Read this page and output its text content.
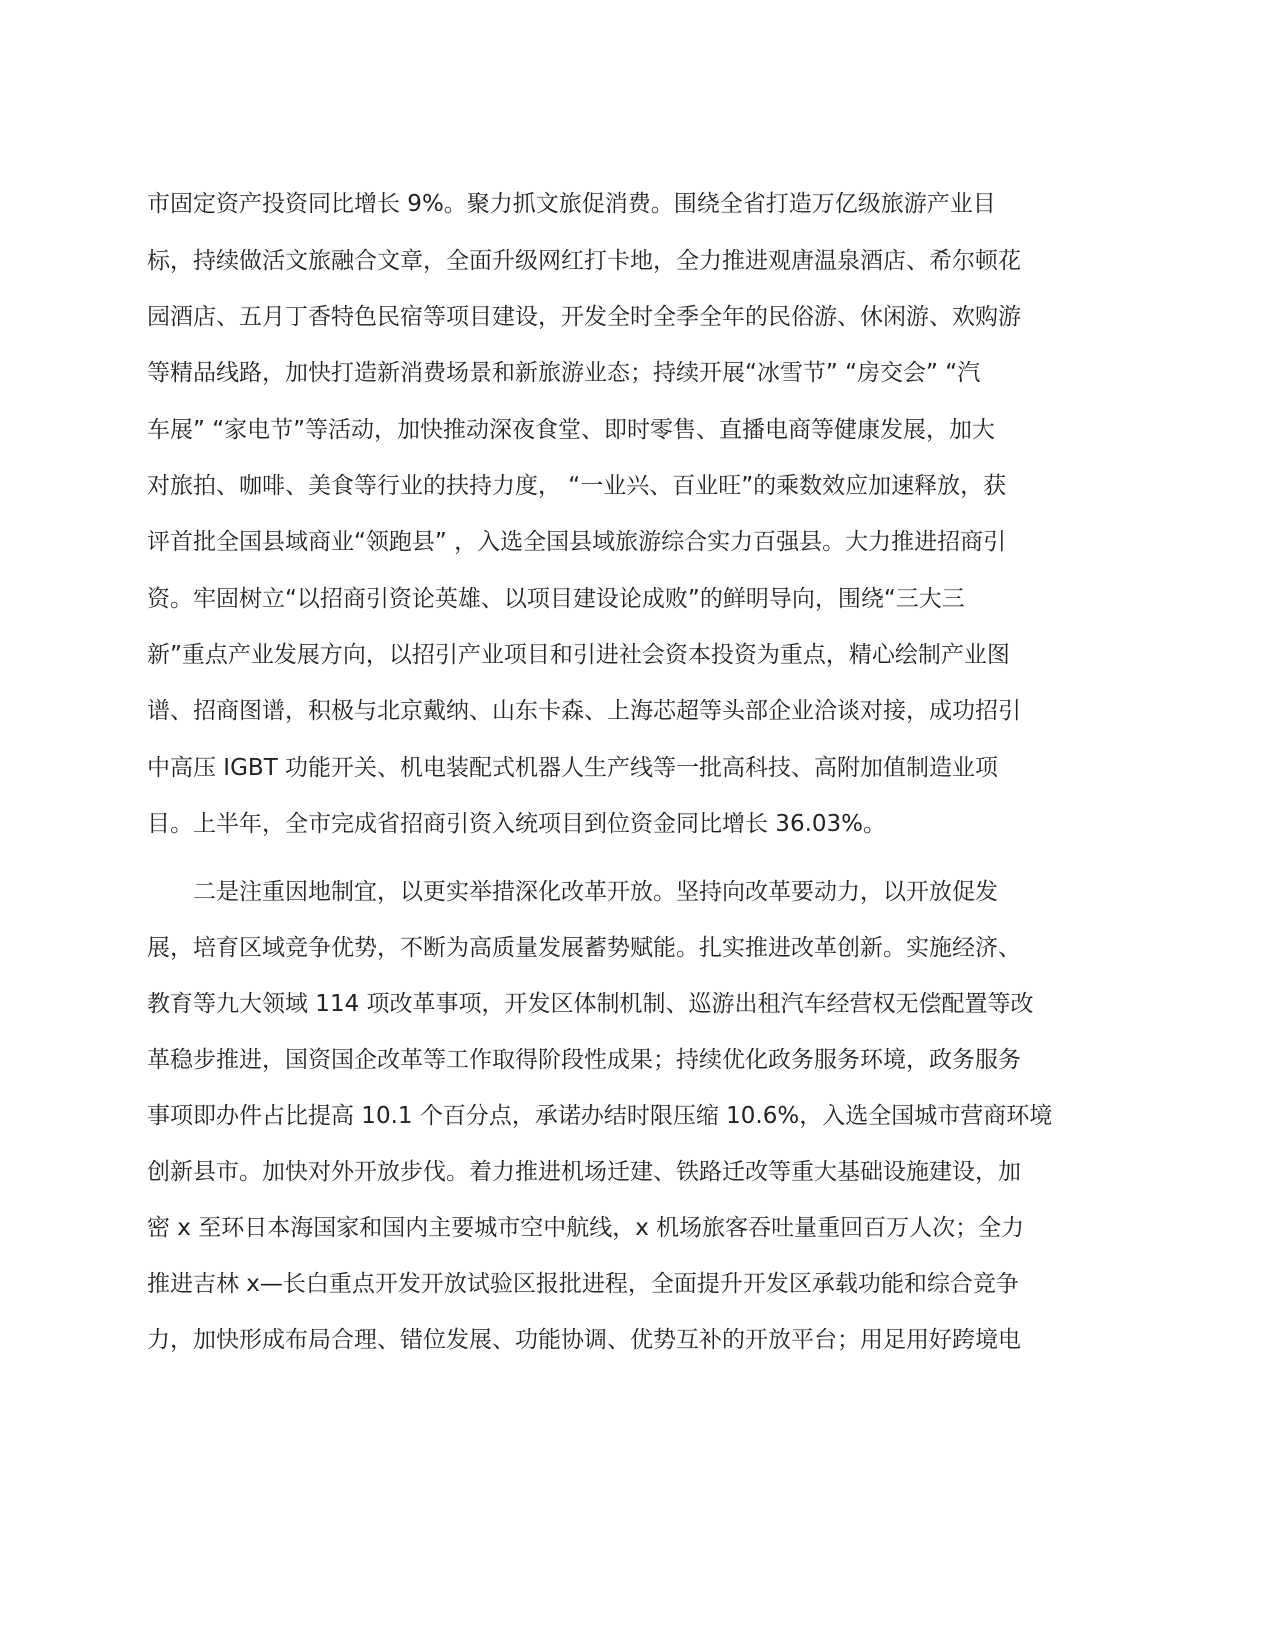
市固定资产投资同比增长 9%。聚力抓文旅促消费。围绕全省打造万亿级旅游产业目
标，持续做活文旅融合文章，全面升级网红打卡地，全力推进观唐温泉酒店、希尔顿花
园酒店、五月丁香特色民宿等项目建设，开发全时全季全年的民俗游、休闲游、欢购游
等精品线路，加快打造新消费场景和新旅游业态；持续开展“冰雪节” “房交会” “汽
车展” “家电节”等活动，加快推动深夜食堂、即时零售、直播电商等健康发展，加大
对旅拍、咖啡、美食等行业的扶持力度， “一业兴、百业旺”的乘数效应加速释放，获
评首批全国县域商业“领跑县” ，入选全国县域旅游综合实力百强县。大力推进招商引
资。牢固树立“以招商引资论英雄、以项目建设论成败”的鲜明导向，围绕“三大三
新”重点产业发展方向，以招引产业项目和引进社会资本投资为重点，精心绘制产业图
谱、招商图谱，积极与北京戴纳、山东卡森、上海芯超等头部企业洽谈对接，成功招引
中高压 IGBT 功能开关、机电装配式机器人生产线等一批高科技、高附加值制造业项
目。上半年，全市完成省招商引资入统项目到位资金同比增长 36.03%。
二是注重因地制宜，以更实举措深化改革开放。坚持向改革要动力，以开放促发
展，培育区域竞争优势，不断为高质量发展蓄势赋能。扎实推进改革创新。实施经济、
教育等九大领域 114 项改革事项，开发区体制机制、巡游出租汽车经营权无偿配置等改
革稳步推进，国资国企改革等工作取得阶段性成果；持续优化政务服务环境，政务服务
事项即办件占比提高 10.1 个百分点，承诺办结时限压缩 10.6%，入选全国城市营商环境
创新县市。加快对外开放步伐。着力推进机场迁建、铁路迁改等重大基础设施建设，加
密 x 至环日本海国家和国内主要城市空中航线，x 机场旅客吞吐量重回百万人次；全力
推进吉林 x—长白重点开发开放试验区报批进程，全面提升开发区承载功能和综合竞争
力，加快形成布局合理、错位发展、功能协调、优势互补的开放平台；用足用好跨境电
